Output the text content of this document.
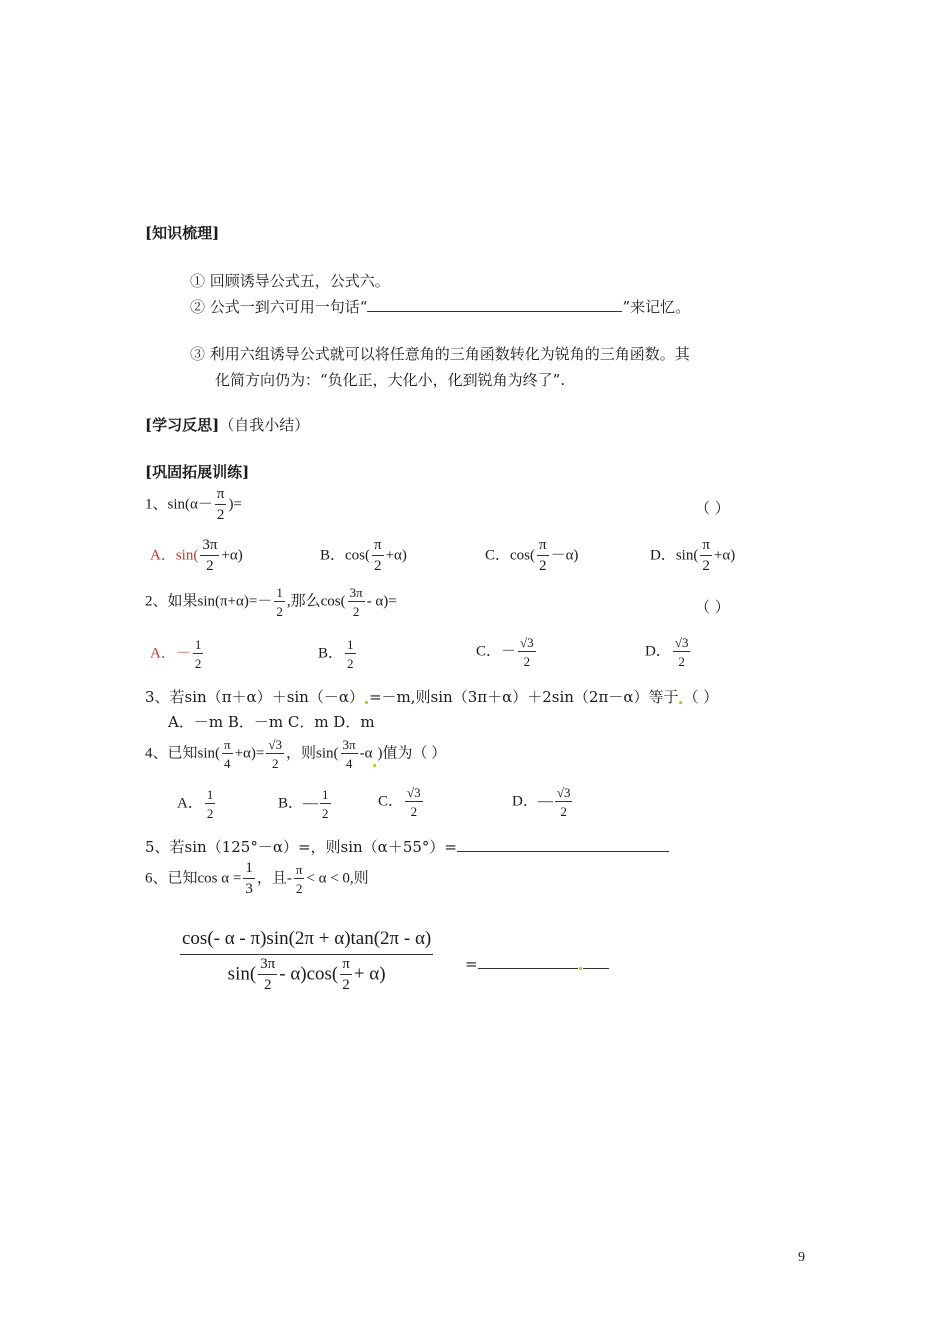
[知识梳理]
① 回顾诱导公式五，公式六。
② 公式一到六可用一句话“	”来记忆。
③ 利用六组诱导公式就可以将任意角的三角函数转化为锐角的三角函数。其
化简方向仍为：“负化正，大化小，化到锐角为终了”.
[学习反思]（自我小结）
[巩固拓展训练]
1、$\sin(\alpha- \frac{\pi}{2}$ )=	（ ）
A．$\sin( \frac{3\pi}{2} +\alpha)$	B．$\cos( \frac{\pi}{2} +\alpha)$	C．$\cos( \frac{\pi}{2} -\alpha)$	D．$\sin( \frac{\pi}{2} +\alpha)$
2、如果$\sin(\pi+\alpha)=- \frac{1}{2}$ ,那么$\cos( \frac{3\pi}{2} - \alpha)=$	（ ）
A．－ $\frac{1}{2}$	B． $\frac{1}{2}$	C．－ $\frac{√3}{2}$	D． $\frac{√3}{2}$
3、若sin（π＋α）＋sin（－α） =－m,则sin（3π＋α）＋2sin（2π－α）等于 （ ）
A．－m B．－m C．m D．m
4、已知$\sin( \frac{\pi}{4} +\alpha)= \frac{√3}{2}$ ，则$\sin( \frac{3\pi}{4} -\alpha$ )值为（ ）
A． $\frac{1}{2}$	B．— $\frac{1}{2}$	C． $\frac{√3}{2}$	D．— $\frac{√3}{2}$
5、若sin（125°－α）=，则sin（α＋55°）=
6、已知$\cos \alpha = \frac{1}{3}$ ，且- $\frac{\pi}{2} < \alpha < 0$,则
$\frac{\cos(- \alpha - \pi)\sin(2\pi + \alpha)\tan(2\pi - \alpha)}{\sin( \frac{3\pi}{2} - \alpha)\cos( \frac{\pi}{2} + \alpha)}$ =
9
